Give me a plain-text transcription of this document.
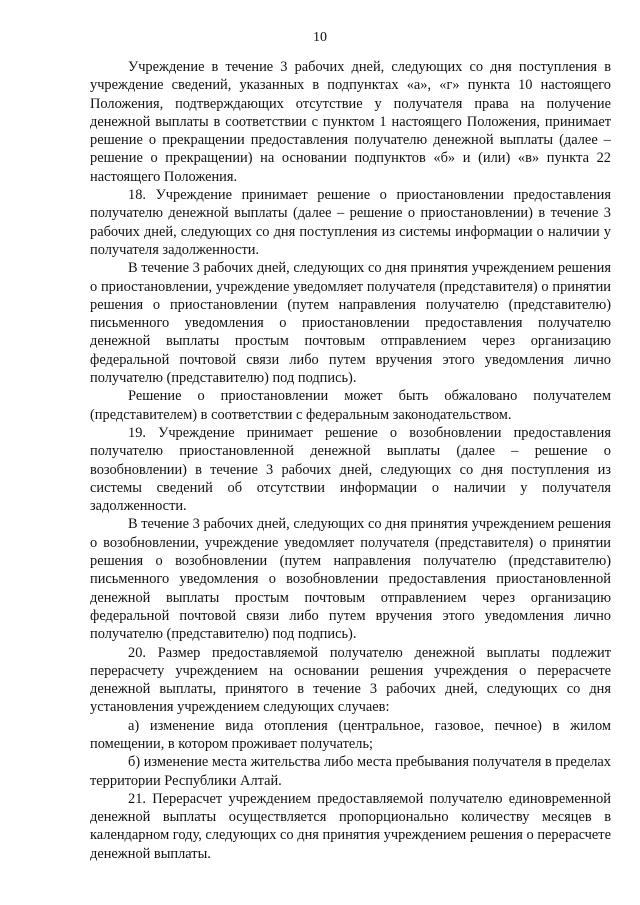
10

Учреждение в течение 3 рабочих дней, следующих со дня поступления в учреждение сведений, указанных в подпунктах «а», «г» пункта 10 настоящего Положения, подтверждающих отсутствие у получателя права на получение денежной выплаты в соответствии с пунктом 1 настоящего Положения, принимает решение о прекращении предоставления получателю денежной выплаты (далее – решение о прекращении) на основании подпунктов «б» и (или) «в» пункта 22 настоящего Положения.

18. Учреждение принимает решение о приостановлении предоставления получателю денежной выплаты (далее – решение о приостановлении) в течение 3 рабочих дней, следующих со дня поступления из системы информации о наличии у получателя задолженности.

В течение 3 рабочих дней, следующих со дня принятия учреждением решения о приостановлении, учреждение уведомляет получателя (представителя) о принятии решения о приостановлении (путем направления получателю (представителю) письменного уведомления о приостановлении предоставления получателю денежной выплаты простым почтовым отправлением через организацию федеральной почтовой связи либо путем вручения этого уведомления лично получателю (представителю) под подпись).

Решение о приостановлении может быть обжаловано получателем (представителем) в соответствии с федеральным законодательством.

19. Учреждение принимает решение о возобновлении предоставления получателю приостановленной денежной выплаты (далее – решение о возобновлении) в течение 3 рабочих дней, следующих со дня поступления из системы сведений об отсутствии информации о наличии у получателя задолженности.

В течение 3 рабочих дней, следующих со дня принятия учреждением решения о возобновлении, учреждение уведомляет получателя (представителя) о принятии решения о возобновлении (путем направления получателю (представителю) письменного уведомления о возобновлении предоставления приостановленной денежной выплаты простым почтовым отправлением через организацию федеральной почтовой связи либо путем вручения этого уведомления лично получателю (представителю) под подпись).

20. Размер предоставляемой получателю денежной выплаты подлежит перерасчету учреждением на основании решения учреждения о перерасчете денежной выплаты, принятого в течение 3 рабочих дней, следующих со дня установления учреждением следующих случаев:

а) изменение вида отопления (центральное, газовое, печное) в жилом помещении, в котором проживает получатель;

б) изменение места жительства либо места пребывания получателя в пределах территории Республики Алтай.

21. Перерасчет учреждением предоставляемой получателю единовременной денежной выплаты осуществляется пропорционально количеству месяцев в календарном году, следующих со дня принятия учреждением решения о перерасчете денежной выплаты.
